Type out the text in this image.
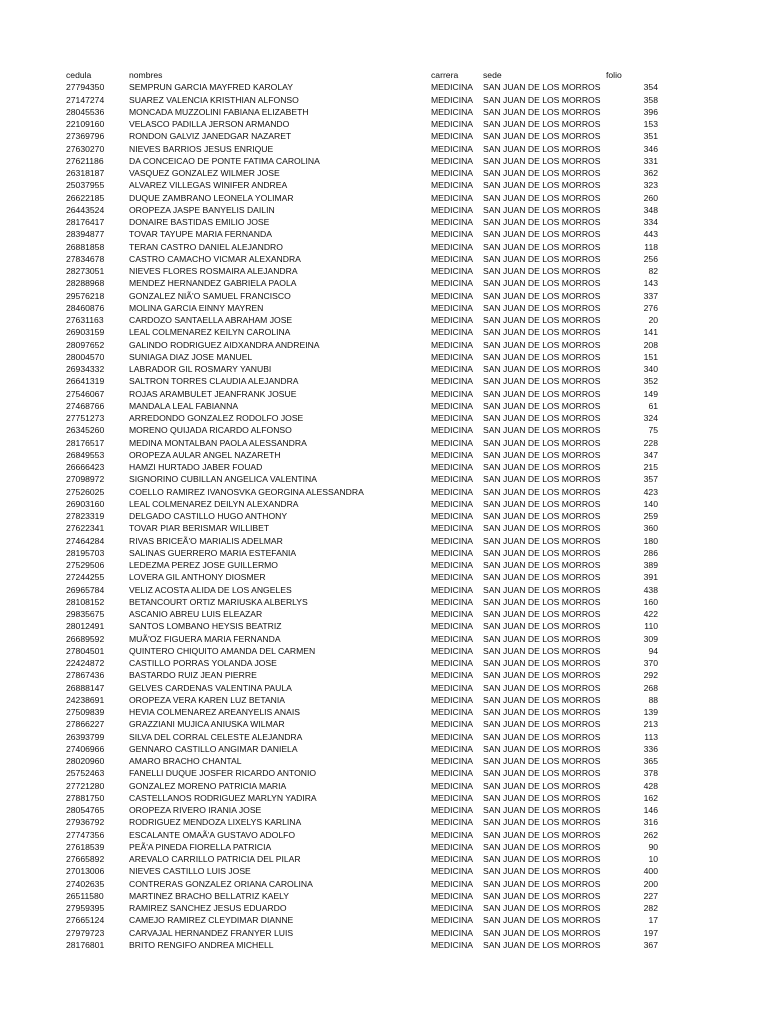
cedula	nombres	carrera	sede	folio
27794350	SEMPRUN GARCIA MAYFRED KAROLAY	MEDICINA	SAN JUAN DE LOS MORROS	354
27147274	SUAREZ VALENCIA KRISTHIAN ALFONSO	MEDICINA	SAN JUAN DE LOS MORROS	358
28045536	MONCADA MUZZOLINI FABIANA ELIZABETH	MEDICINA	SAN JUAN DE LOS MORROS	396
22109160	VELASCO PADILLA JERSON ARMANDO	MEDICINA	SAN JUAN DE LOS MORROS	153
27369796	RONDON GALVIZ JANEDGAR NAZARET	MEDICINA	SAN JUAN DE LOS MORROS	351
27630270	NIEVES BARRIOS JESUS ENRIQUE	MEDICINA	SAN JUAN DE LOS MORROS	346
27621186	DA CONCEICAO DE PONTE FATIMA CAROLINA	MEDICINA	SAN JUAN DE LOS MORROS	331
26318187	VASQUEZ GONZALEZ WILMER JOSE	MEDICINA	SAN JUAN DE LOS MORROS	362
25037955	ALVAREZ VILLEGAS WINIFER ANDREA	MEDICINA	SAN JUAN DE LOS MORROS	323
26622185	DUQUE ZAMBRANO LEONELA YOLIMAR	MEDICINA	SAN JUAN DE LOS MORROS	260
26443524	OROPEZA JASPE BANYELIS DAILIN	MEDICINA	SAN JUAN DE LOS MORROS	348
28176417	DONAIRE BASTIDAS EMILIO JOSE	MEDICINA	SAN JUAN DE LOS MORROS	334
28394877	TOVAR TAYUPE MARIA FERNANDA	MEDICINA	SAN JUAN DE LOS MORROS	443
26881858	TERAN CASTRO DANIEL ALEJANDRO	MEDICINA	SAN JUAN DE LOS MORROS	118
27834678	CASTRO CAMACHO VICMAR ALEXANDRA	MEDICINA	SAN JUAN DE LOS MORROS	256
28273051	NIEVES FLORES ROSMAIRA ALEJANDRA	MEDICINA	SAN JUAN DE LOS MORROS	82
28288968	MENDEZ HERNANDEZ GABRIELA PAOLA	MEDICINA	SAN JUAN DE LOS MORROS	143
29576218	GONZALEZ NIÃ'O SAMUEL FRANCISCO	MEDICINA	SAN JUAN DE LOS MORROS	337
28460876	MOLINA GARCIA EINNY MAYREN	MEDICINA	SAN JUAN DE LOS MORROS	276
27631163	CARDOZO SANTAELLA ABRAHAM JOSE	MEDICINA	SAN JUAN DE LOS MORROS	20
26903159	LEAL COLMENAREZ KEILYN CAROLINA	MEDICINA	SAN JUAN DE LOS MORROS	141
28097652	GALINDO RODRIGUEZ AIDXANDRA ANDREINA	MEDICINA	SAN JUAN DE LOS MORROS	208
28004570	SUNIAGA DIAZ JOSE MANUEL	MEDICINA	SAN JUAN DE LOS MORROS	151
26934332	LABRADOR GIL ROSMARY YANUBI	MEDICINA	SAN JUAN DE LOS MORROS	340
26641319	SALTRON TORRES CLAUDIA ALEJANDRA	MEDICINA	SAN JUAN DE LOS MORROS	352
27546067	ROJAS ARAMBULET JEANFRANK JOSUE	MEDICINA	SAN JUAN DE LOS MORROS	149
27468766	MANDALA LEAL FABIANNA	MEDICINA	SAN JUAN DE LOS MORROS	61
27751273	ARREDONDO GONZALEZ RODOLFO JOSE	MEDICINA	SAN JUAN DE LOS MORROS	324
26345260	MORENO QUIJADA RICARDO ALFONSO	MEDICINA	SAN JUAN DE LOS MORROS	75
28176517	MEDINA MONTALBAN PAOLA ALESSANDRA	MEDICINA	SAN JUAN DE LOS MORROS	228
26849553	OROPEZA AULAR ANGEL NAZARETH	MEDICINA	SAN JUAN DE LOS MORROS	347
26666423	HAMZI HURTADO JABER FOUAD	MEDICINA	SAN JUAN DE LOS MORROS	215
27098972	SIGNORINO CUBILLAN ANGELICA VALENTINA	MEDICINA	SAN JUAN DE LOS MORROS	357
27526025	COELLO RAMIREZ IVANOSVKA GEORGINA ALESSANDRA	MEDICINA	SAN JUAN DE LOS MORROS	423
26903160	LEAL COLMENAREZ DEILYN ALEXANDRA	MEDICINA	SAN JUAN DE LOS MORROS	140
27823319	DELGADO CASTILLO HUGO ANTHONY	MEDICINA	SAN JUAN DE LOS MORROS	259
27622341	TOVAR PIAR BERISMAR WILLIBET	MEDICINA	SAN JUAN DE LOS MORROS	360
27464284	RIVAS BRICEÃ'O MARIALIS ADELMAR	MEDICINA	SAN JUAN DE LOS MORROS	180
28195703	SALINAS GUERRERO MARIA ESTEFANIA	MEDICINA	SAN JUAN DE LOS MORROS	286
27529506	LEDEZMA PEREZ JOSE GUILLERMO	MEDICINA	SAN JUAN DE LOS MORROS	389
27244255	LOVERA GIL ANTHONY DIOSMER	MEDICINA	SAN JUAN DE LOS MORROS	391
26965784	VELIZ ACOSTA ALIDA DE LOS ANGELES	MEDICINA	SAN JUAN DE LOS MORROS	438
28108152	BETANCOURT ORTIZ MARIUSKA ALBERLYS	MEDICINA	SAN JUAN DE LOS MORROS	160
29835675	ASCANIO ABREU LUIS ELEAZAR	MEDICINA	SAN JUAN DE LOS MORROS	422
28012491	SANTOS LOMBANO HEYSIS BEATRIZ	MEDICINA	SAN JUAN DE LOS MORROS	110
26689592	MUÃ'OZ FIGUERA MARIA FERNANDA	MEDICINA	SAN JUAN DE LOS MORROS	309
27804501	QUINTERO CHIQUITO AMANDA DEL CARMEN	MEDICINA	SAN JUAN DE LOS MORROS	94
22424872	CASTILLO PORRAS YOLANDA JOSE	MEDICINA	SAN JUAN DE LOS MORROS	370
27867436	BASTARDO RUIZ JEAN PIERRE	MEDICINA	SAN JUAN DE LOS MORROS	292
26888147	GELVES CARDENAS VALENTINA PAULA	MEDICINA	SAN JUAN DE LOS MORROS	268
24238691	OROPEZA VERA KAREN LUZ BETANIA	MEDICINA	SAN JUAN DE LOS MORROS	88
27509839	HEVIA COLMENAREZ AREANYELIS ANAIS	MEDICINA	SAN JUAN DE LOS MORROS	139
27866227	GRAZZIANI MUJICA ANIUSKA WILMAR	MEDICINA	SAN JUAN DE LOS MORROS	213
26393799	SILVA DEL CORRAL CELESTE ALEJANDRA	MEDICINA	SAN JUAN DE LOS MORROS	113
27406966	GENNARO CASTILLO ANGIMAR DANIELA	MEDICINA	SAN JUAN DE LOS MORROS	336
28020960	AMARO BRACHO CHANTAL	MEDICINA	SAN JUAN DE LOS MORROS	365
25752463	FANELLI DUQUE JOSFER RICARDO ANTONIO	MEDICINA	SAN JUAN DE LOS MORROS	378
27721280	GONZALEZ MORENO PATRICIA MARIA	MEDICINA	SAN JUAN DE LOS MORROS	428
27881750	CASTELLANOS RODRIGUEZ MARLYN YADIRA	MEDICINA	SAN JUAN DE LOS MORROS	162
28054765	OROPEZA RIVERO IRANIA JOSE	MEDICINA	SAN JUAN DE LOS MORROS	146
27936792	RODRIGUEZ MENDOZA LIXELYS KARLINA	MEDICINA	SAN JUAN DE LOS MORROS	316
27747356	ESCALANTE OMAÃ'A GUSTAVO ADOLFO	MEDICINA	SAN JUAN DE LOS MORROS	262
27618539	PEÃ'A PINEDA FIORELLA PATRICIA	MEDICINA	SAN JUAN DE LOS MORROS	90
27665892	AREVALO CARRILLO PATRICIA DEL PILAR	MEDICINA	SAN JUAN DE LOS MORROS	10
27013006	NIEVES CASTILLO LUIS JOSE	MEDICINA	SAN JUAN DE LOS MORROS	400
27402635	CONTRERAS GONZALEZ ORIANA CAROLINA	MEDICINA	SAN JUAN DE LOS MORROS	200
26511580	MARTINEZ BRACHO BELLATRIZ KAELY	MEDICINA	SAN JUAN DE LOS MORROS	227
27959395	RAMIREZ SANCHEZ JESUS EDUARDO	MEDICINA	SAN JUAN DE LOS MORROS	282
27665124	CAMEJO RAMIREZ CLEYDIMAR DIANNE	MEDICINA	SAN JUAN DE LOS MORROS	17
27979723	CARVAJAL HERNANDEZ FRANYER LUIS	MEDICINA	SAN JUAN DE LOS MORROS	197
28176801	BRITO RENGIFO ANDREA MICHELL	MEDICINA	SAN JUAN DE LOS MORROS	367
